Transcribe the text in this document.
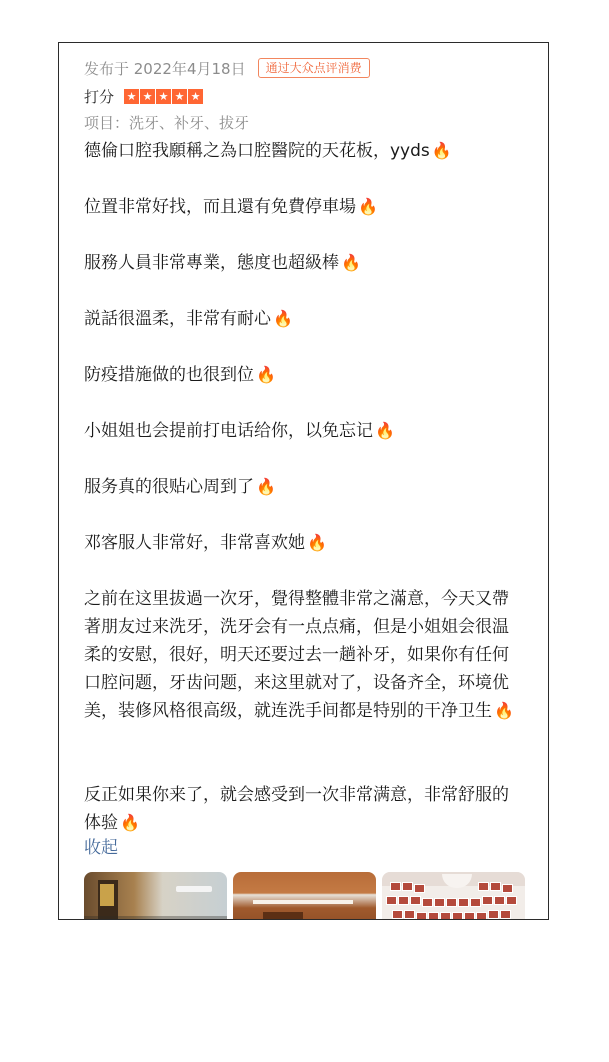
发布于 2022年4月18日	通过大众点评消费
打分 ★ ★ ★ ★ ★
项目：洗牙、补牙、拔牙

德倫口腔我願稱之為口腔醫院的天花板，yyds 🔥

位置非常好找，而且還有免費停車場 🔥

服務人員非常專業，態度也超級棒 🔥

説話很溫柔，非常有耐心 🔥

防疫措施做的也很到位 🔥

小姐姐也会提前打电话给你，以免忘记 🔥

服务真的很贴心周到了 🔥

邓客服人非常好，非常喜欢她 🔥

之前在这里拔過一次牙，覺得整體非常之滿意，今天又帶著朋友过来洗牙，洗牙会有一点点痛，但是小姐姐会很温柔的安慰，很好，明天还要过去一趟补牙，如果你有任何口腔问题，牙齿问题，来这里就对了，设备齐全，环境优美，装修风格很高级，就连洗手间都是特别的干净卫生 🔥

反正如果你来了，就会感受到一次非常满意，非常舒服的体验 🔥

收起
